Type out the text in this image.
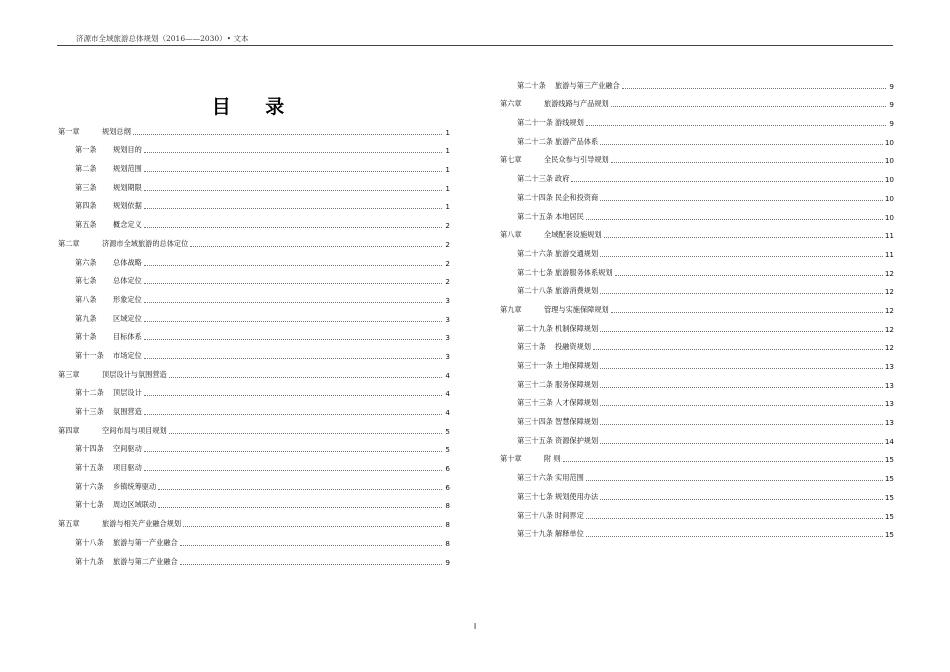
济源市全域旅游总体规划（2016——2030）• 文本
目 录
第一章	规划总纲	1
第一条	规划目的	1
第二条	规划范围	1
第三条	规划期限	1
第四条	规划依据	1
第五条	概念定义	2
第二章	济源市全域旅游的总体定位	2
第六条	总体战略	2
第七条	总体定位	2
第八条	形象定位	3
第九条	区域定位	3
第十条	目标体系	3
第十一条	市场定位	3
第三章	顶层设计与氛围营造	4
第十二条	顶层设计	4
第十三条	氛围营造	4
第四章	空间布局与项目规划	5
第十四条	空间驱动	5
第十五条	项目驱动	6
第十六条	乡镇统筹驱动	6
第十七条	周边区域联动	8
第五章	旅游与相关产业融合规划	8
第十八条	旅游与第一产业融合	8
第十九条	旅游与第二产业融合	9
第二十条	旅游与第三产业融合	9
第六章	旅游线路与产品规划	9
第二十一条 游线规划	9
第二十二条 旅游产品体系	10
第七章	全民众参与引导规划	10
第二十三条 政府	10
第二十四条 民企和投资商	10
第二十五条 本地居民	10
第八章	全域配套设施规划	11
第二十六条 旅游交通规划	11
第二十七条 旅游服务体系规划	12
第二十八条 旅游消费规划	12
第九章	管理与实施保障规划	12
第二十九条 机制保障规划	12
第三十条	投融资规划	12
第三十一条 土地保障规划	13
第三十二条 服务保障规划	13
第三十三条 人才保障规划	13
第三十四条 智慧保障规划	13
第三十五条 资源保护规划	14
第十章	附 则	15
第三十六条 实用范围	15
第三十七条 规划使用办法	15
第三十八条 时间界定	15
第三十九条 解释单位	15
I
